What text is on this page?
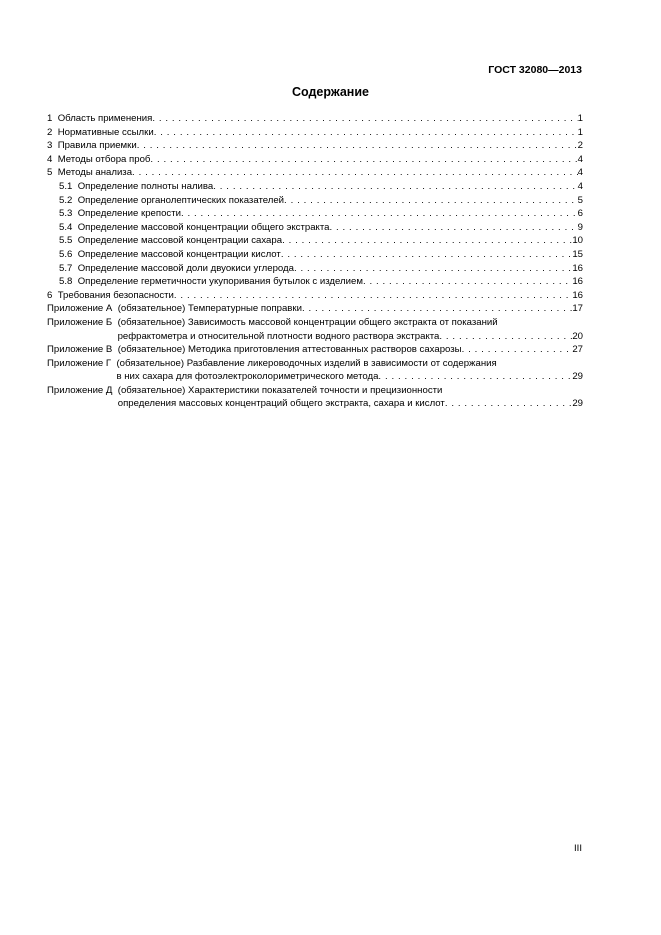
ГОСТ 32080—2013
Содержание
1 Область применения . . .	1
2 Нормативные ссылки . . .	1
3 Правила приемки . . .	2
4 Методы отбора проб . . .	4
5 Методы анализа . . .	4
5.1 Определение полноты налива . . .	4
5.2 Определение органолептических показателей . . .	5
5.3 Определение крепости . . .	6
5.4 Определение массовой концентрации общего экстракта . . .	9
5.5 Определение массовой концентрации сахара . . .	10
5.6 Определение массовой концентрации кислот . . .	15
5.7 Определение массовой доли двуокиси углерода . . .	16
5.8 Определение герметичности укупоривания бутылок с изделием . . .	16
6 Требования безопасности . . .	16
Приложение А
(обязательное) Температурные поправки . . .	17
Приложение Б
(обязательное) Зависимость массовой концентрации общего экстракта от показаний
рефрактометра и относительной плотности водного раствора экстракта . . .	20
Приложение В
(обязательное) Методика приготовления аттестованных растворов сахарозы . . .	27
Приложение Г
(обязательное) Разбавление ликероводочных изделий в зависимости от содержания
в них сахара для фотоэлектроколориметрического метода . . .	29
Приложение Д
(обязательное) Характеристики показателей точности и прецизионности
определения массовых концентраций общего экстракта, сахара и кислот . . .	29
III
